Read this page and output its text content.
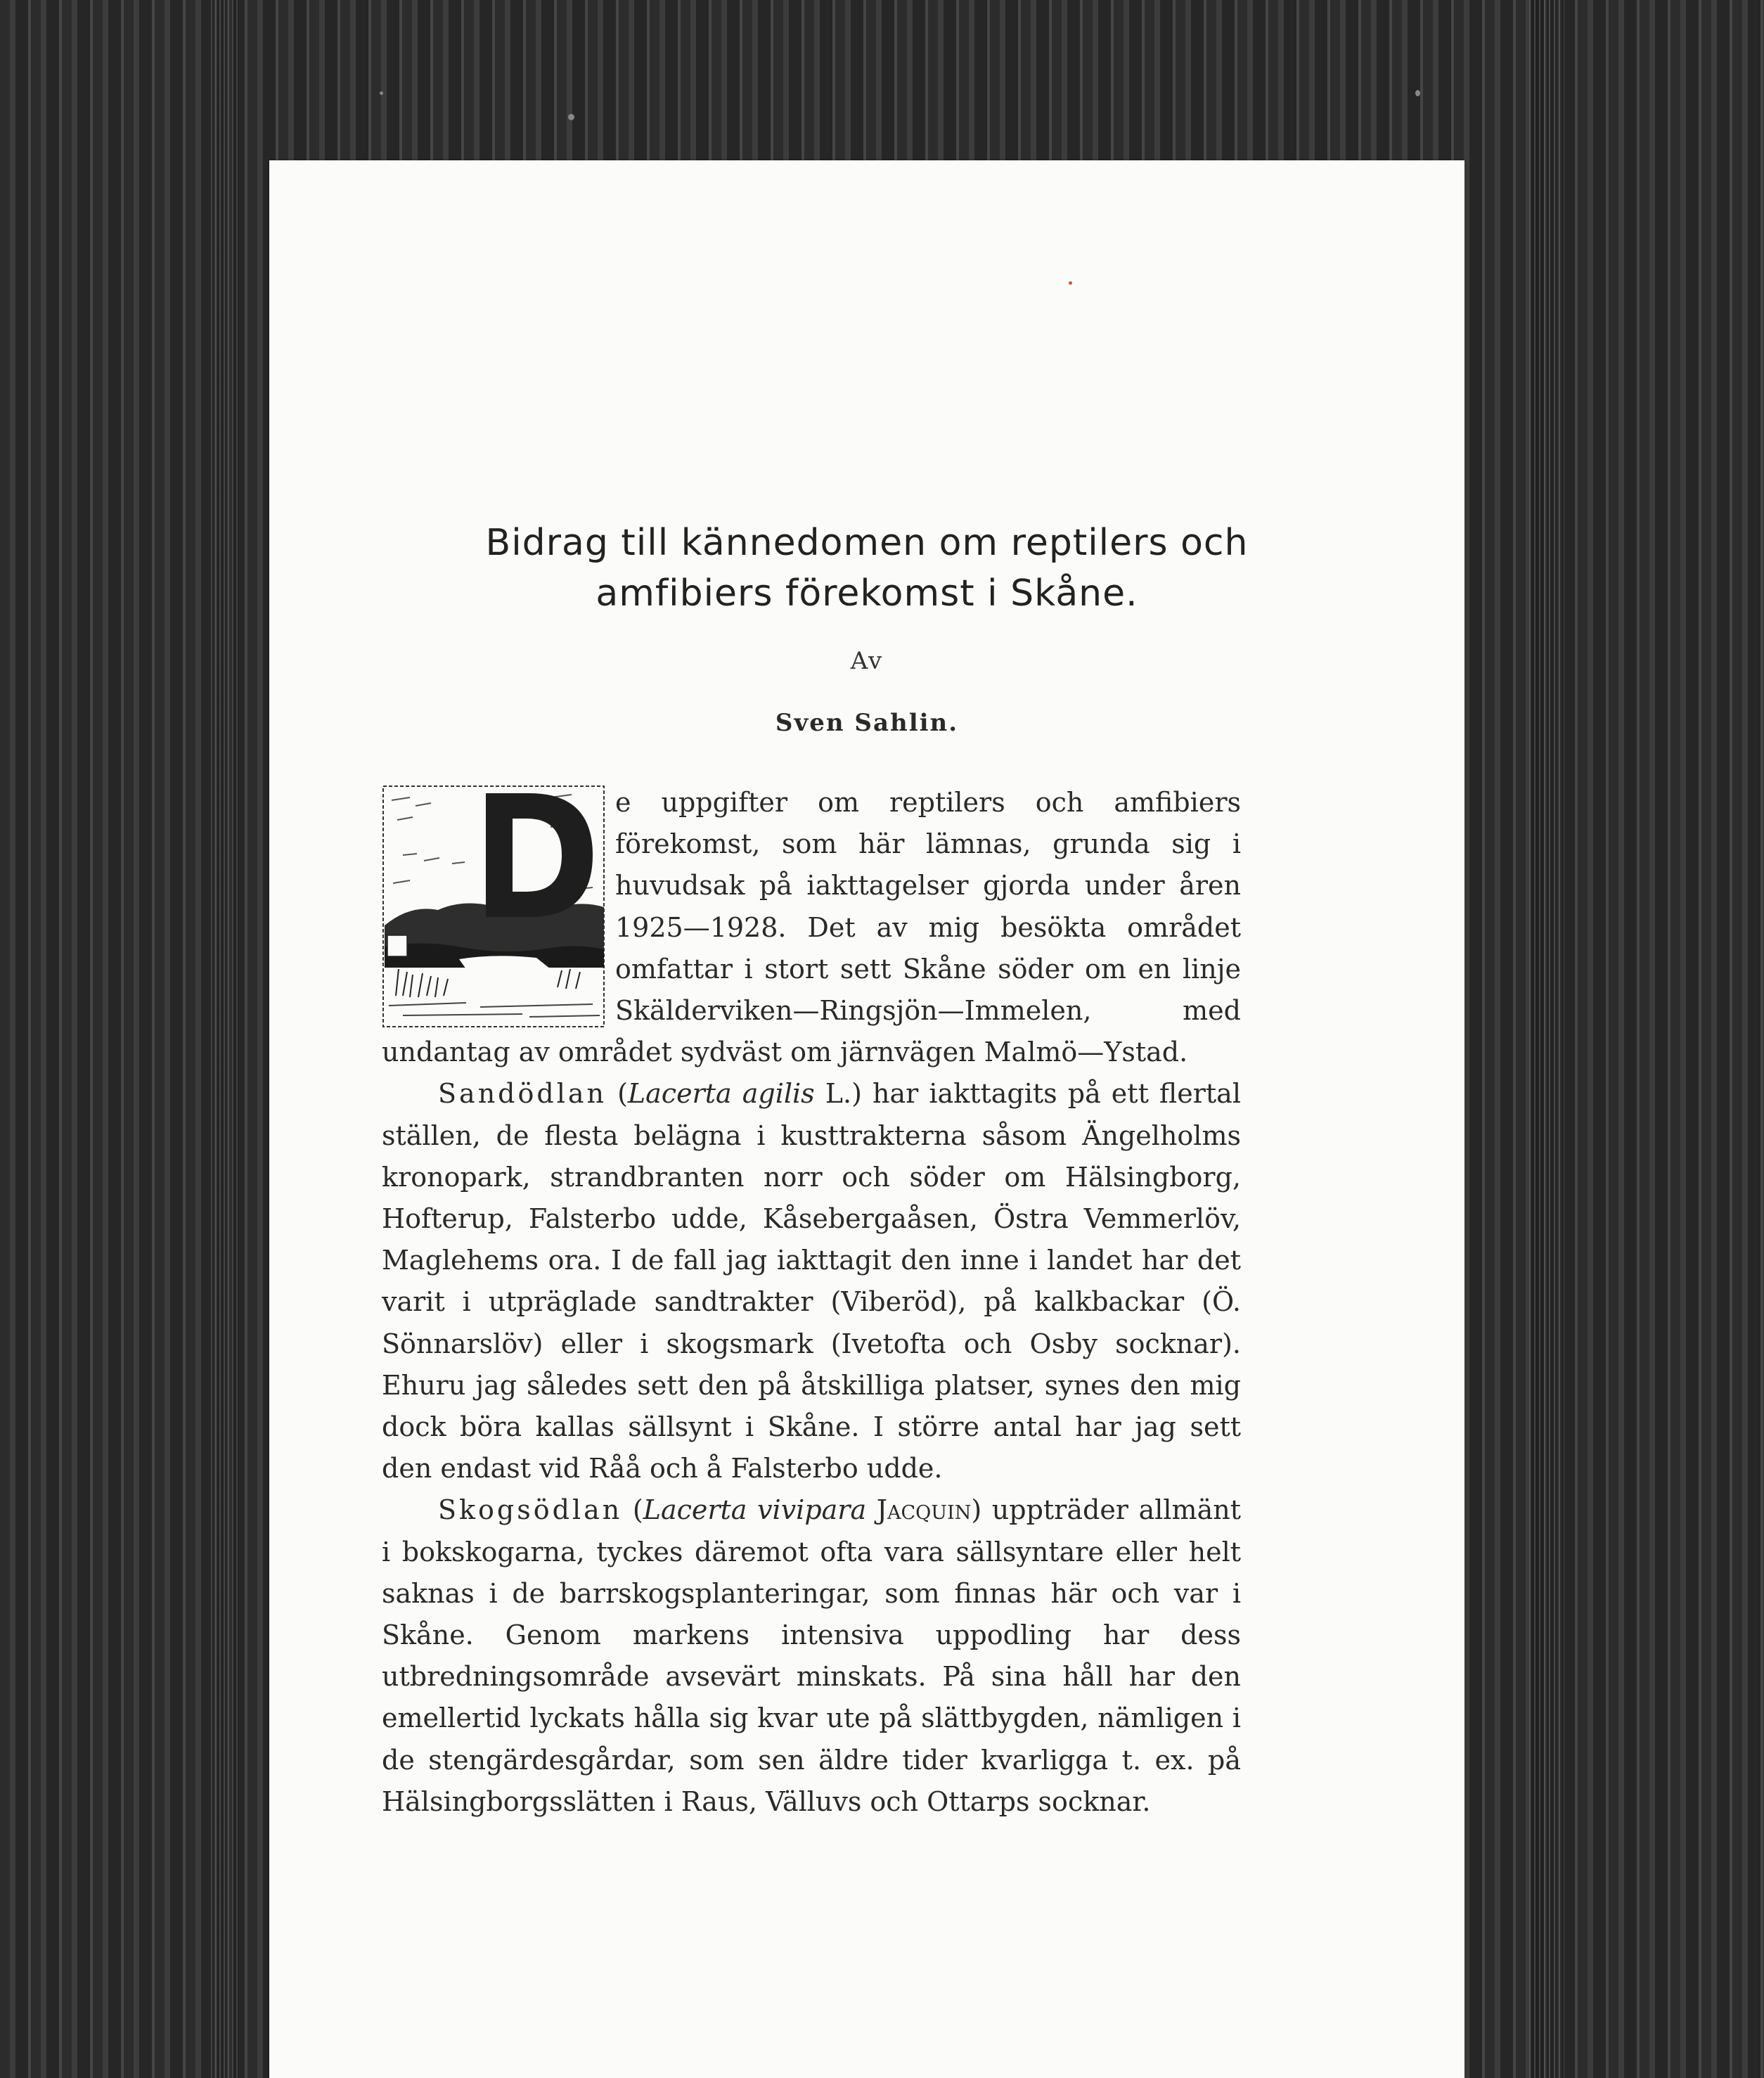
Bidrag till kännedomen om reptilers och
amfibiers förekomst i Skåne.
Av
Sven Sahlin.

D
e uppgifter om reptilers och amfibiers förekomst, som här lämnas, grunda sig i huvudsak på iakttagelser gjorda under åren 1925—1928. Det av mig besökta området omfattar i stort sett Skåne söder om en linje Skälderviken—Ringsjön—Immelen, med undantag av området sydväst om järnvägen Malmö—Ystad.

Sandödlan (Lacerta agilis L.) har iakttagits på ett flertal ställen, de flesta belägna i kusttrakterna såsom Ängelholms kronopark, strandbranten norr och söder om Hälsingborg, Hofterup, Falsterbo udde, Kåsebergaåsen, Östra Vemmerlöv, Maglehems ora. I de fall jag iakttagit den inne i landet har det varit i utpräglade sandtrakter (Viberöd), på kalkbackar (Ö. Sönnarslöv) eller i skogsmark (Ivetofta och Osby socknar). Ehuru jag således sett den på åtskilliga platser, synes den mig dock böra kallas sällsynt i Skåne. I större antal har jag sett den endast vid Råå och å Falsterbo udde.

Skogsödlan (Lacerta vivipara Jacquin) uppträder allmänt i bokskogarna, tyckes däremot ofta vara sällsyntare eller helt saknas i de barrskogsplanteringar, som finnas här och var i Skåne. Genom markens intensiva uppodling har dess utbredningsområde avsevärt minskats. På sina håll har den emellertid lyckats hålla sig kvar ute på slättbygden, nämligen i de stengärdesgårdar, som sen äldre tider kvarligga t. ex. på Hälsingborgsslätten i Raus, Välluvs och Ottarps socknar.
